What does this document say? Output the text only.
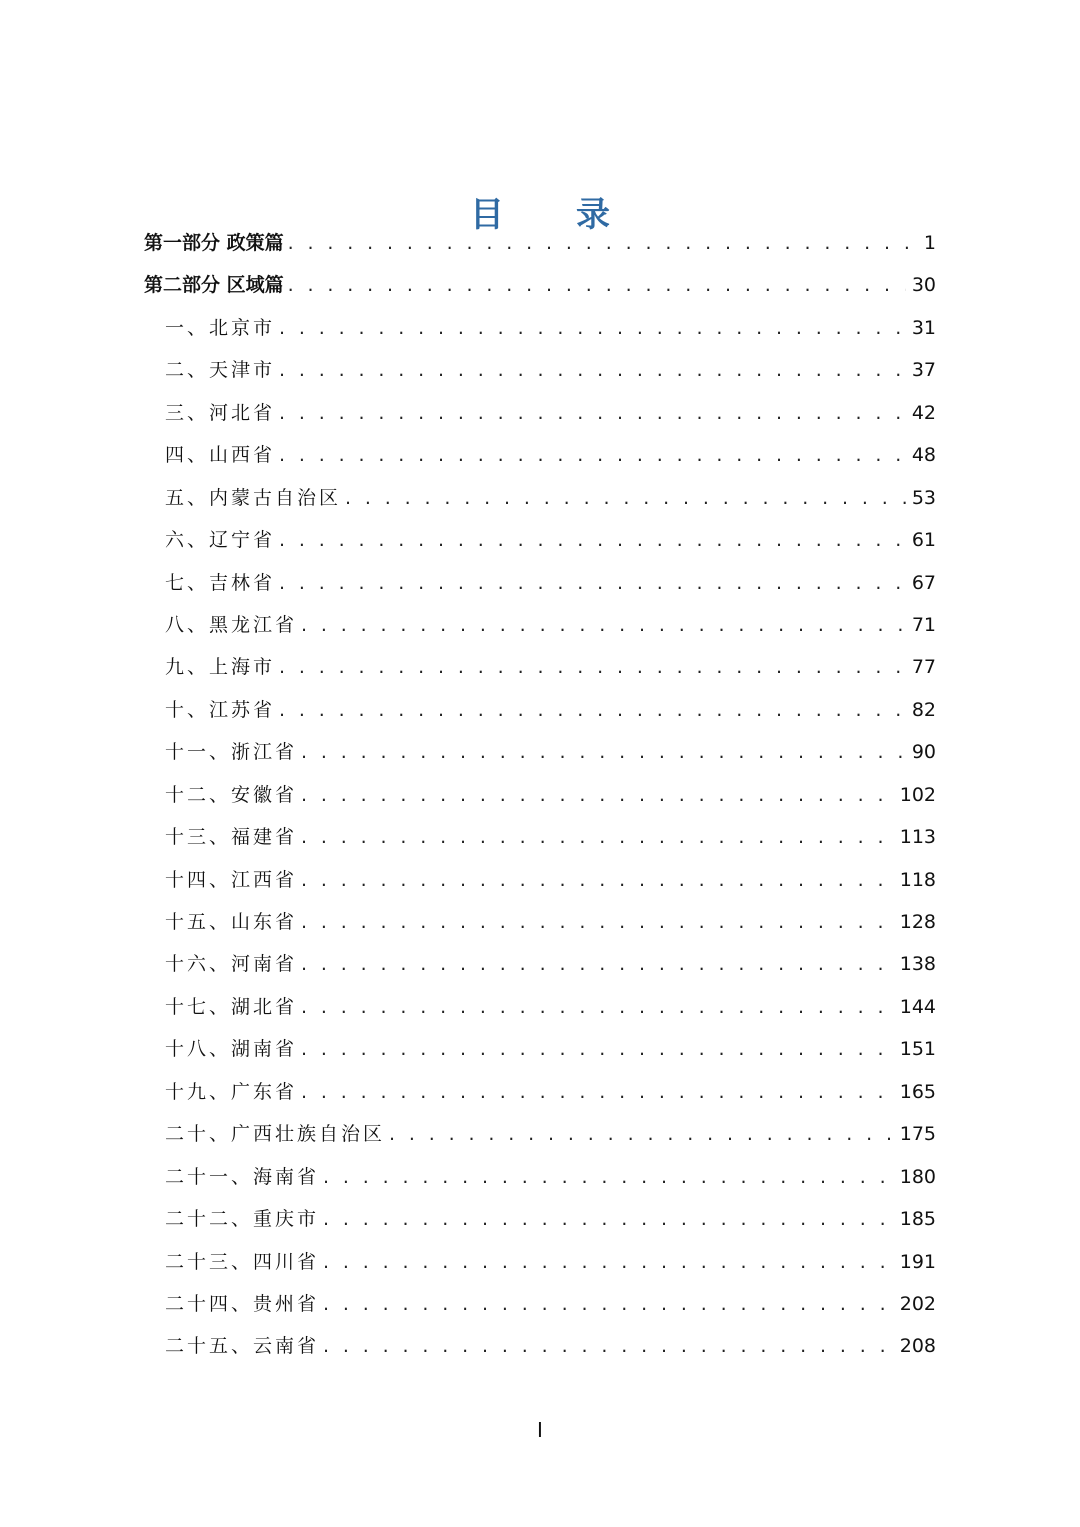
目 录
第一部分 政策篇 . . .	1
第二部分 区域篇 . . .	30
一、北京市 . . .	31
二、天津市 . . .	37
三、河北省 . . .	42
四、山西省 . . .	48
五、内蒙古自治区 . . .	53
六、辽宁省 . . .	61
七、吉林省 . . .	67
八、黑龙江省 . . .	71
九、上海市 . . .	77
十、江苏省 . . .	82
十一、浙江省 . . .	90
十二、安徽省 . . .	102
十三、福建省 . . .	113
十四、江西省 . . .	118
十五、山东省 . . .	128
十六、河南省 . . .	138
十七、湖北省 . . .	144
十八、湖南省 . . .	151
十九、广东省 . . .	165
二十、广西壮族自治区 . . .	175
二十一、海南省 . . .	180
二十二、重庆市 . . .	185
二十三、四川省 . . .	191
二十四、贵州省 . . .	202
二十五、云南省 . . .	208
I
